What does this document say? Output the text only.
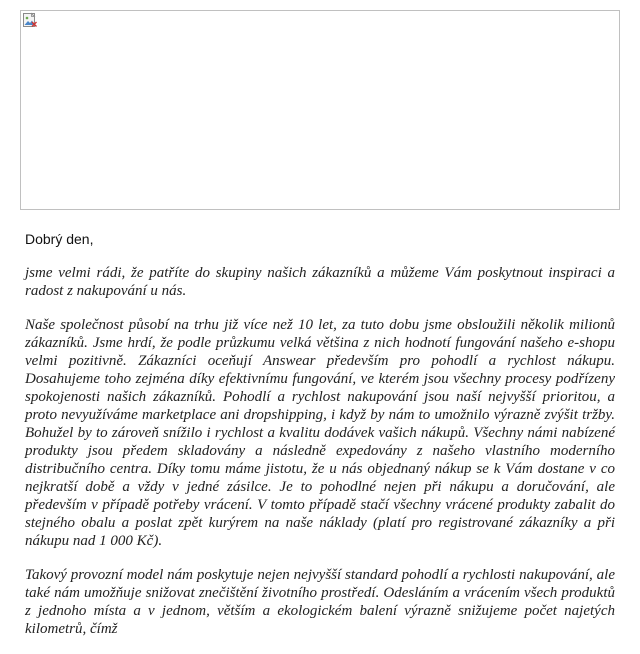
Dobrý den,

jsme velmi rádi, že patříte do skupiny našich zákazníků a můžeme Vám poskytnout inspiraci a radost z nakupování u nás.

Naše společnost působí na trhu již více než 10 let, za tuto dobu jsme obsloužili několik milionů zákazníků. Jsme hrdí, že podle průzkumu velká většina z nich hodnotí fungování našeho e-shopu velmi pozitivně. Zákazníci oceňují Answear především pro pohodlí a rychlost nákupu. Dosahujeme toho zejména díky efektivnímu fungování, ve kterém jsou všechny procesy podřízeny spokojenosti našich zákazníků. Pohodlí a rychlost nakupování jsou naší nejvyšší prioritou, a proto nevyužíváme marketplace ani dropshipping, i když by nám to umožnilo výrazně zvýšit tržby. Bohužel by to zároveň snížilo i rychlost a kvalitu dodávek vašich nákupů. Všechny námi nabízené produkty jsou předem skladovány a následně expedovány z našeho vlastního moderního distribučního centra. Díky tomu máme jistotu, že u nás objednaný nákup se k Vám dostane v co nejkratší době a vždy v jedné zásilce. Je to pohodlné nejen při nákupu a doručování, ale především v případě potřeby vrácení. V tomto případě stačí všechny vrácené produkty zabalit do stejného obalu a poslat zpět kurýrem na naše náklady (platí pro registrované zákazníky a při nákupu nad 1 000 Kč).

Takový provozní model nám poskytuje nejen nejvyšší standard pohodlí a rychlosti nakupování, ale také nám umožňuje snižovat znečištění životního prostředí. Odesláním a vrácením všech produktů z jednoho místa a v jednom, větším a ekologickém balení výrazně snižujeme počet najetých kilometrů, čímž
